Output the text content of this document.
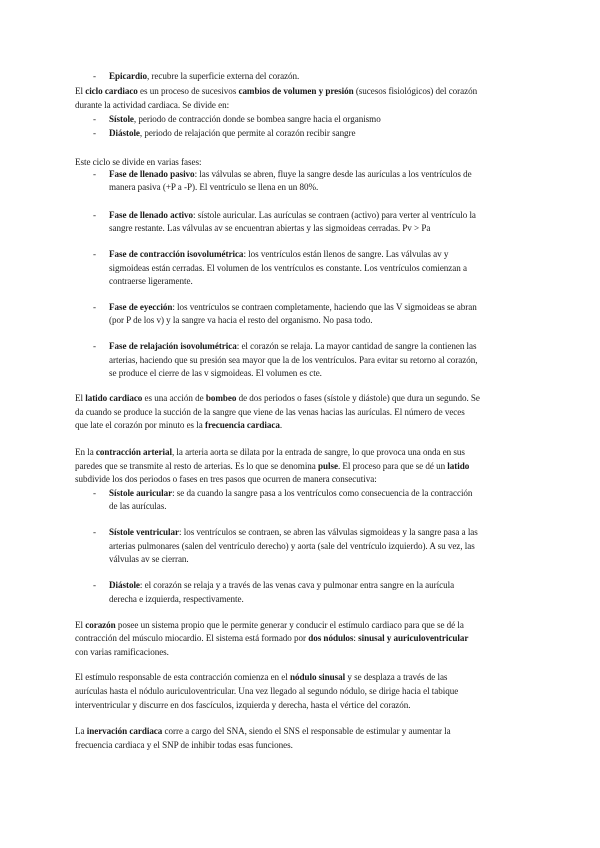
- Epicardio, recubre la superficie externa del corazón.
El ciclo cardiaco es un proceso de sucesivos cambios de volumen y presión (sucesos fisiológicos) del corazón
durante la actividad cardiaca. Se divide en:
- Sístole, periodo de contracción donde se bombea sangre hacia el organismo
- Diástole, periodo de relajación que permite al corazón recibir sangre
Este ciclo se divide en varias fases:
- Fase de llenado pasivo: las válvulas se abren, fluye la sangre desde las aurículas a los ventrículos de
manera pasiva (+P a -P). El ventrículo se llena en un 80%.
- Fase de llenado activo: sístole auricular. Las aurículas se contraen (activo) para verter al ventrículo la
sangre restante. Las válvulas av se encuentran abiertas y las sigmoideas cerradas. Pv > Pa
- Fase de contracción isovolumétrica: los ventrículos están llenos de sangre. Las válvulas av y
sigmoideas están cerradas. El volumen de los ventrículos es constante. Los ventrículos comienzan a
contraerse ligeramente.
- Fase de eyección: los ventrículos se contraen completamente, haciendo que las V sigmoideas se abran
(por P de los v) y la sangre va hacia el resto del organismo. No pasa todo.
- Fase de relajación isovolumétrica: el corazón se relaja. La mayor cantidad de sangre la contienen las
arterias, haciendo que su presión sea mayor que la de los ventrículos. Para evitar su retorno al corazón,
se produce el cierre de las v sigmoideas. El volumen es cte.
El latido cardiaco es una acción de bombeo de dos periodos o fases (sístole y diástole) que dura un segundo. Se
da cuando se produce la succión de la sangre que viene de las venas hacias las aurículas. El número de veces
que late el corazón por minuto es la frecuencia cardiaca.
En la contracción arterial, la arteria aorta se dilata por la entrada de sangre, lo que provoca una onda en sus
paredes que se transmite al resto de arterias. Es lo que se denomina pulse. El proceso para que se dé un latido
subdivide los dos periodos o fases en tres pasos que ocurren de manera consecutiva:
- Sístole auricular: se da cuando la sangre pasa a los ventrículos como consecuencia de la contracción
de las aurículas.
- Sístole ventricular: los ventrículos se contraen, se abren las válvulas sigmoideas y la sangre pasa a las
arterias pulmonares (salen del ventrículo derecho) y aorta (sale del ventrículo izquierdo). A su vez, las
válvulas av se cierran.
- Diástole: el corazón se relaja y a través de las venas cava y pulmonar entra sangre en la aurícula
derecha e izquierda, respectivamente.
El corazón posee un sistema propio que le permite generar y conducir el estímulo cardiaco para que se dé la
contracción del músculo miocardio. El sistema está formado por dos nódulos: sinusal y auriculoventricular
con varias ramificaciones.
El estímulo responsable de esta contracción comienza en el nódulo sinusal y se desplaza a través de las
aurículas hasta el nódulo auriculoventricular. Una vez llegado al segundo nódulo, se dirige hacia el tabique
interventricular y discurre en dos fascículos, izquierda y derecha, hasta el vértice del corazón.
La inervación cardiaca corre a cargo del SNA, siendo el SNS el responsable de estimular y aumentar la
frecuencia cardiaca y el SNP de inhibir todas esas funciones.
